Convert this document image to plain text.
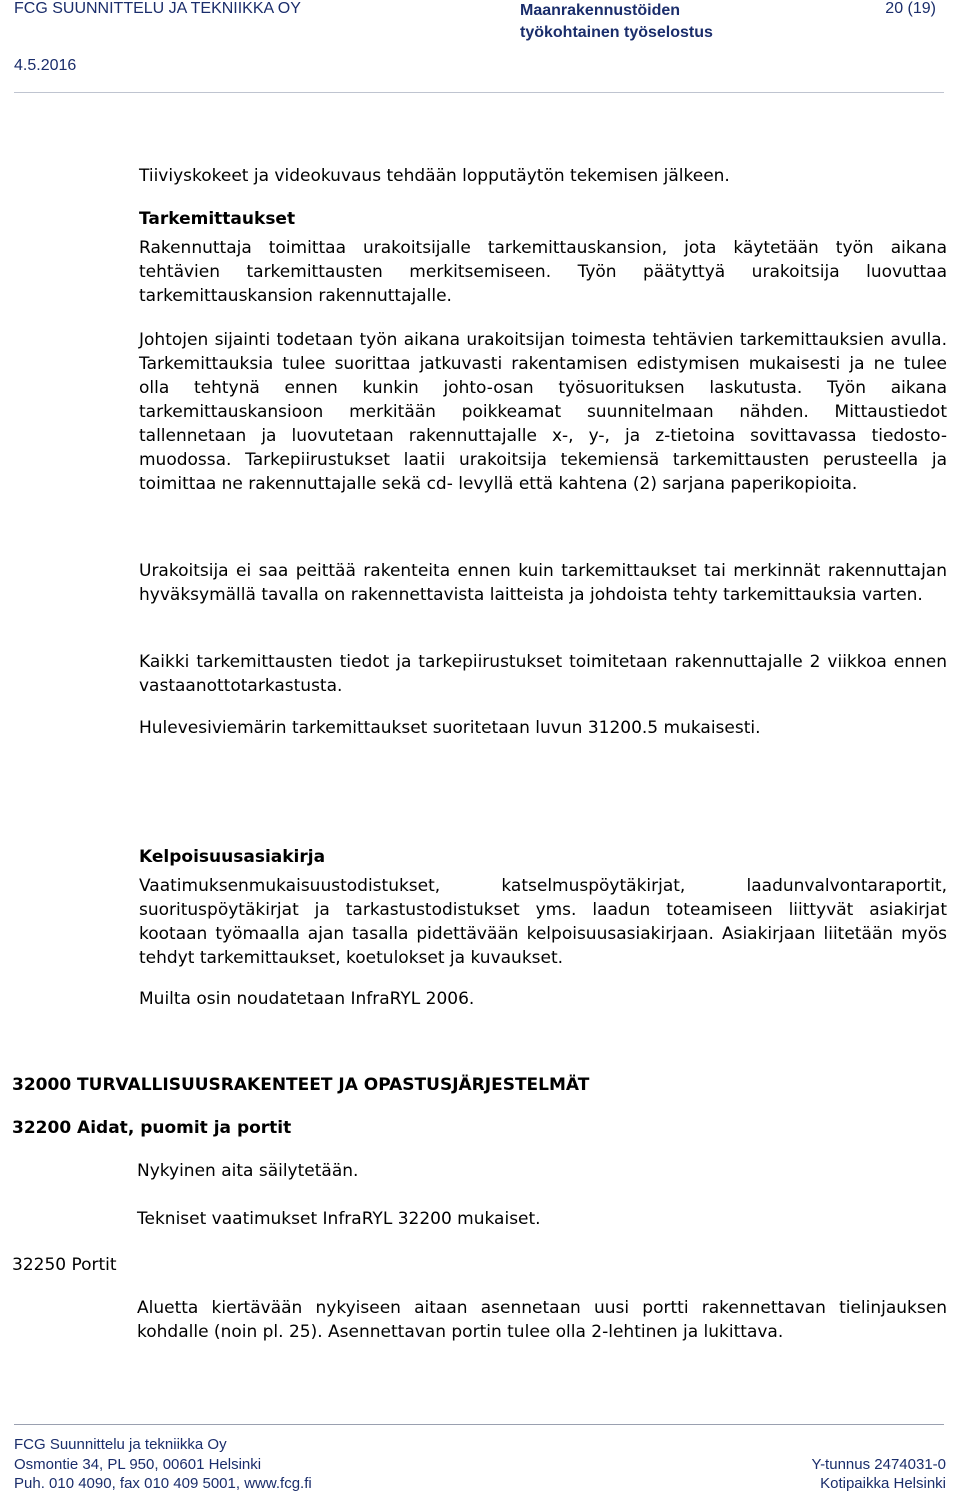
FCG SUUNNITTELU JA TEKNIIKKA OY	Maanrakennustöiden
työkohtainen työselostus
20 (19)
4.5.2016

Tiiviyskokeet ja videokuvaus tehdään lopputäytön tekemisen jälkeen.

Tarkemittaukset

Rakennuttaja toimittaa urakoitsijalle tarkemittauskansion, jota käytetään työn aikana tehtävien tarkemittausten merkitsemiseen. Työn päätyttyä urakoitsija luovuttaa tarkemittauskansion rakennuttajalle.

Johtojen sijainti todetaan työn aikana urakoitsijan toimesta tehtävien tarkemittauksien avulla. Tarkemittauksia tulee suorittaa jatkuvasti rakentamisen edistymisen mukaisesti ja ne tulee olla tehtynä ennen kunkin johto-osan työsuorituksen laskutusta. Työn aikana tarkemittauskansioon merkitään poikkeamat suunnitelmaan nähden. Mittaustiedot tallennetaan ja luovutetaan rakennuttajalle x-, y-, ja z-tietoina sovittavassa tiedosto-muodossa. Tarkepiirustukset laatii urakoitsija tekemiensä tarkemittausten perusteella ja toimittaa ne rakennuttajalle sekä cd- levyllä että kahtena (2) sarjana paperikopioita.

Urakoitsija ei saa peittää rakenteita ennen kuin tarkemittaukset tai merkinnät rakennuttajan hyväksymällä tavalla on rakennettavista laitteista ja johdoista tehty tarkemittauksia varten.

Kaikki tarkemittausten tiedot ja tarkepiirustukset toimitetaan rakennuttajalle 2 viikkoa ennen vastaanottotarkastusta.

Hulevesiviemärin tarkemittaukset suoritetaan luvun 31200.5 mukaisesti.

Kelpoisuusasiakirja

Vaatimuksenmukaisuustodistukset, katselmuspöytäkirjat, laadunvalvontaraportit, suorituspöytäkirjat ja tarkastustodistukset yms. laadun toteamiseen liittyvät asiakirjat kootaan työmaalla ajan tasalla pidettävään kelpoisuusasiakirjaan. Asiakirjaan liitetään myös tehdyt tarkemittaukset, koetulokset ja kuvaukset.

Muilta osin noudatetaan InfraRYL 2006.

32000 TURVALLISUUSRAKENTEET JA OPASTUSJÄRJESTELMÄT

32200 Aidat, puomit ja portit

Nykyinen aita säilytetään.

Tekniset vaatimukset InfraRYL 32200 mukaiset.

32250 Portit

Aluetta kiertävään nykyiseen aitaan asennetaan uusi portti rakennettavan tielinjauksen kohdalle (noin pl. 25). Asennettavan portin tulee olla 2-lehtinen ja lukittava.

FCG Suunnittelu ja tekniikka Oy
Osmontie 34, PL 950, 00601 Helsinki
Puh. 010 4090, fax 010 409 5001, www.fcg.fi
Y-tunnus 2474031-0
Kotipaikka Helsinki
